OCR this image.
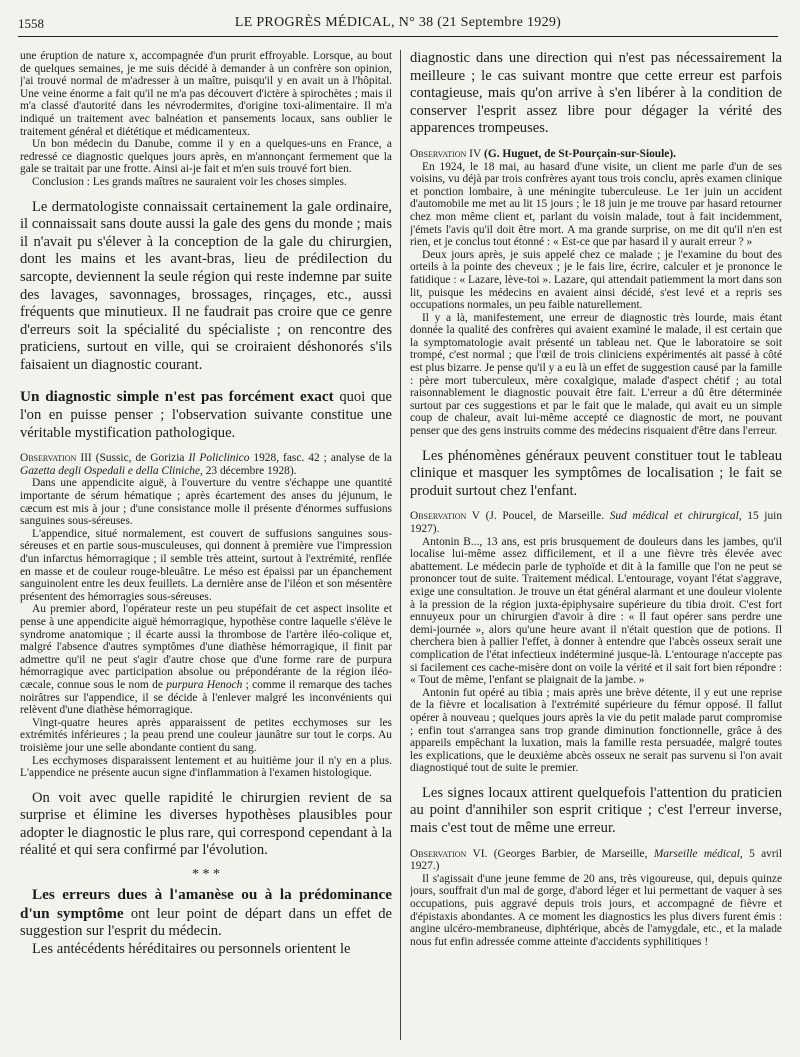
1558	LE PROGRÈS MÉDICAL, N° 38 (21 Septembre 1929)

une éruption de nature x, accompagnée d'un prurit effroyable. Lorsque, au bout de quelques semaines, je me suis décidé à demander à un confrère son opinion, j'ai trouvé normal de m'adresser à un maître, puisqu'il y en avait un à l'hôpital. Une veine énorme a fait qu'il ne m'a pas découvert d'ictère à spirochètes ; mais il m'a classé d'autorité dans les névrodermites, d'origine toxi-alimentaire. Il m'a indiqué un traitement avec balnéation et pansements locaux, sans oublier le traitement général et diététique et médicamenteux.

Un bon médecin du Danube, comme il y en a quelques-uns en France, a redressé ce diagnostic quelques jours après, en m'annonçant fermement que la gale se traitait par une frotte. Ainsi ai-je fait et m'en suis trouvé fort bien.

Conclusion : Les grands maîtres ne sauraient voir les choses simples.

Le dermatologiste connaissait certainement la gale ordinaire, il connaissait sans doute aussi la gale des gens du monde ; mais il n'avait pu s'élever à la conception de la gale du chirurgien, dont les mains et les avant-bras, lieu de prédilection du sarcopte, deviennent la seule région qui reste indemne par suite des lavages, savonnages, brossages, rinçages, etc., aussi fréquents que minutieux. Il ne faudrait pas croire que ce genre d'erreurs soit la spécialité du spécialiste ; on rencontre des praticiens, surtout en ville, qui se croiraient déshonorés s'ils faisaient un diagnostic courant.

Un diagnostic simple n'est pas forcément exact quoi que l'on en puisse penser ; l'observation suivante constitue une véritable mystification pathologique.

Observation III (Sussic, de Gorizia Il Policlinico 1928, fasc. 42 ; analyse de la Gazetta degli Ospedali e della Cliniche, 23 décembre 1928).

Dans une appendicite aiguë, à l'ouverture du ventre s'échappe une quantité importante de sérum hématique ; après écartement des anses du jéjunum, le cæcum est mis à jour ; d'une consistance molle il présente d'énormes suffusions sanguines sous-séreuses.

L'appendice, situé normalement, est couvert de suffusions sanguines sous-séreuses et en partie sous-musculeuses, qui donnent à première vue l'impression d'un infarctus hémorragique ; il semble très atteint, surtout à l'extrémité, renflée en masse et de couleur rouge-bleuâtre. Le méso est épaissi par un épanchement sanguinolent entre les deux feuillets. La dernière anse de l'iléon et son mésentère présentent des hémorragies sous-séreuses.

Au premier abord, l'opérateur reste un peu stupéfait de cet aspect insolite et pense à une appendicite aiguë hémorragique, hypothèse contre laquelle s'élève le syndrome anatomique ; il écarte aussi la thrombose de l'artère iléo-colique et, malgré l'absence d'autres symptômes d'une diathèse hémorragique, il finit par admettre qu'il ne peut s'agir d'autre chose que d'une forme rare de purpura hémorragique avec participation absolue ou prépondérante de la région iléo-cæcale, connue sous le nom de purpura Henoch ; comme il remarque des taches noirâtres sur l'appendice, il se décide à l'enlever malgré les inconvénients qui relèvent d'une diathèse hémorragique.

Vingt-quatre heures après apparaissent de petites ecchymoses sur les extrémités inférieures ; la peau prend une couleur jaunâtre sur tout le corps. Au troisième jour une selle abondante contient du sang.

Les ecchymoses disparaissent lentement et au huitième jour il n'y en a plus. L'appendice ne présente aucun signe d'inflammation à l'examen histologique.

On voit avec quelle rapidité le chirurgien revient de sa surprise et élimine les diverses hypothèses plausibles pour adopter le diagnostic le plus rare, qui correspond cependant à la réalité et qui sera confirmé par l'évolution.

* * *

Les erreurs dues à l'amanèse ou à la prédominance d'un symptôme ont leur point de départ dans un effet de suggestion sur l'esprit du médecin.

Les antécédents héréditaires ou personnels orientent le

diagnostic dans une direction qui n'est pas nécessairement la meilleure ; le cas suivant montre que cette erreur est parfois contagieuse, mais qu'on arrive à s'en libérer à la condition de conserver l'esprit assez libre pour dégager la vérité des apparences trompeuses.

Observation IV (G. Huguet, de St-Pourçain-sur-Sioule).

En 1924, le 18 mai, au hasard d'une visite, un client me parle d'un de ses voisins, vu déjà par trois confrères ayant tous trois conclu, après examen clinique et ponction lombaire, à une méningite tuberculeuse. Le 1er juin un accident d'automobile me met au lit 15 jours ; le 18 juin je me trouve par hasard retourner chez mon même client et, parlant du voisin malade, tout à fait incidemment, j'émets l'avis qu'il doit être mort. A ma grande surprise, on me dit qu'il n'en est rien, et je conclus tout étonné : « Est-ce que par hasard il y aurait erreur ? »

Deux jours après, je suis appelé chez ce malade ; je l'examine du bout des orteils à la pointe des cheveux ; je le fais lire, écrire, calculer et je prononce le fatidique : « Lazare, lève-toi ». Lazare, qui attendait patiemment la mort dans son lit, puisque les médecins en avaient ainsi décidé, s'est levé et a repris ses occupations normales, un peu faible naturellement.

Il y a là, manifestement, une erreur de diagnostic très lourde, mais étant donnée la qualité des confrères qui avaient examiné le malade, il est certain que la symptomatologie avait présenté un tableau net. Que le laboratoire se soit trompé, c'est normal ; que l'œil de trois cliniciens expérimentés ait passé à côté est plus bizarre. Je pense qu'il y a eu là un effet de suggestion causé par la famille : père mort tuberculeux, mère coxalgique, malade d'aspect chétif ; au total raisonnablement le diagnostic pouvait être fait. L'erreur a dû être déterminée surtout par ces suggestions et par le fait que le malade, qui avait eu un simple coup de chaleur, avait lui-même accepté ce diagnostic de mort, ne pouvant penser que des gens instruits comme des médecins risquaient d'être dans l'erreur.

Les phénomènes généraux peuvent constituer tout le tableau clinique et masquer les symptômes de localisation ; le fait se produit surtout chez l'enfant.

Observation V (J. Poucel, de Marseille. Sud médical et chirurgical, 15 juin 1927).

Antonin B..., 13 ans, est pris brusquement de douleurs dans les jambes, qu'il localise lui-même assez difficilement, et il a une fièvre très élevée avec abattement. Le médecin parle de typhoïde et dit à la famille que l'on ne peut se prononcer tout de suite. Traitement médical. L'entourage, voyant l'état s'aggrave, exige une consultation. Je trouve un état général alarmant et une douleur violente à la pression de la région juxta-épiphysaire supérieure du tibia droit. C'est fort ennuyeux pour un chirurgien d'avoir à dire : « Il faut opérer sans perdre une demi-journée », alors qu'une heure avant il n'était question que de potions. Il cherchera bien à pallier l'effet, à donner à entendre que l'abcès osseux serait une complication de l'état infectieux indéterminé jusque-là. L'entourage n'accepte pas si facilement ces cache-misère dont on voile la vérité et il sait fort bien répondre : « Tout de même, l'enfant se plaignait de la jambe. »

Antonin fut opéré au tibia ; mais après une brève détente, il y eut une reprise de la fièvre et localisation à l'extrémité supérieure du fémur opposé. Il fallut opérer à nouveau ; quelques jours après la vie du petit malade parut compromise ; enfin tout s'arrangea sans trop grande diminution fonctionnelle, grâce à des appareils empêchant la luxation, mais la famille resta persuadée, malgré toutes les explications, que le deuxième abcès osseux ne serait pas survenu si l'on avait diagnostiqué tout de suite le premier.

Les signes locaux attirent quelquefois l'attention du praticien au point d'annihiler son esprit critique ; c'est l'erreur inverse, mais c'est tout de même une erreur.

Observation VI. (Georges Barbier, de Marseille, Marseille médical, 5 avril 1927.)

Il s'agissait d'une jeune femme de 20 ans, très vigoureuse, qui, depuis quinze jours, souffrait d'un mal de gorge, d'abord léger et lui permettant de vaquer à ses occupations, puis aggravé depuis trois jours, et accompagné de fièvre et d'épistaxis abondantes. A ce moment les diagnostics les plus divers furent émis : angine ulcéro-membraneuse, diphtérique, abcès de l'amygdale, etc., et la malade nous fut enfin adressée comme atteinte d'accidents syphilitiques !
